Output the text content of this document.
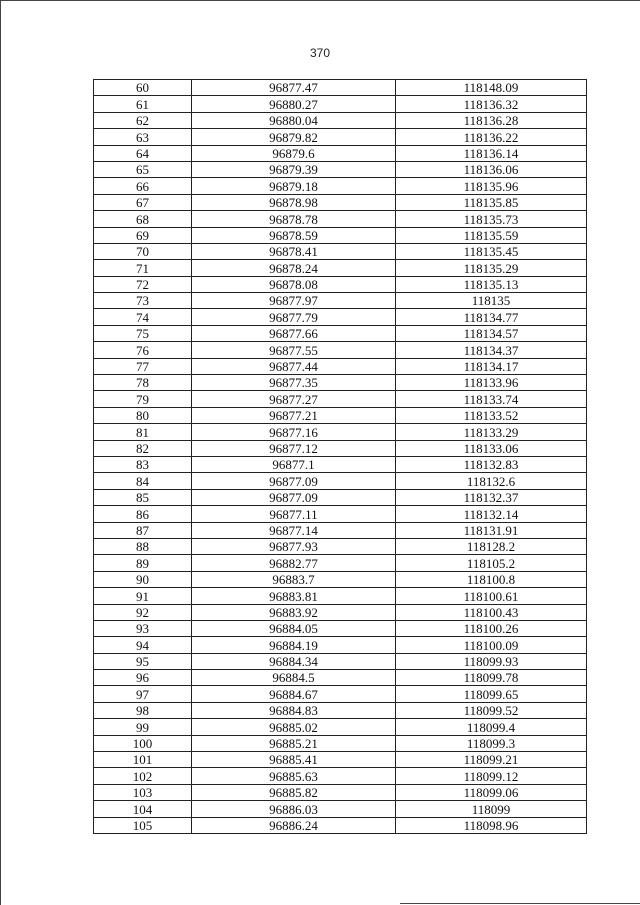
370
60	96877.47	118148.09
61	96880.27	118136.32
62	96880.04	118136.28
63	96879.82	118136.22
64	96879.6	118136.14
65	96879.39	118136.06
66	96879.18	118135.96
67	96878.98	118135.85
68	96878.78	118135.73
69	96878.59	118135.59
70	96878.41	118135.45
71	96878.24	118135.29
72	96878.08	118135.13
73	96877.97	118135
74	96877.79	118134.77
75	96877.66	118134.57
76	96877.55	118134.37
77	96877.44	118134.17
78	96877.35	118133.96
79	96877.27	118133.74
80	96877.21	118133.52
81	96877.16	118133.29
82	96877.12	118133.06
83	96877.1	118132.83
84	96877.09	118132.6
85	96877.09	118132.37
86	96877.11	118132.14
87	96877.14	118131.91
88	96877.93	118128.2
89	96882.77	118105.2
90	96883.7	118100.8
91	96883.81	118100.61
92	96883.92	118100.43
93	96884.05	118100.26
94	96884.19	118100.09
95	96884.34	118099.93
96	96884.5	118099.78
97	96884.67	118099.65
98	96884.83	118099.52
99	96885.02	118099.4
100	96885.21	118099.3
101	96885.41	118099.21
102	96885.63	118099.12
103	96885.82	118099.06
104	96886.03	118099
105	96886.24	118098.96
